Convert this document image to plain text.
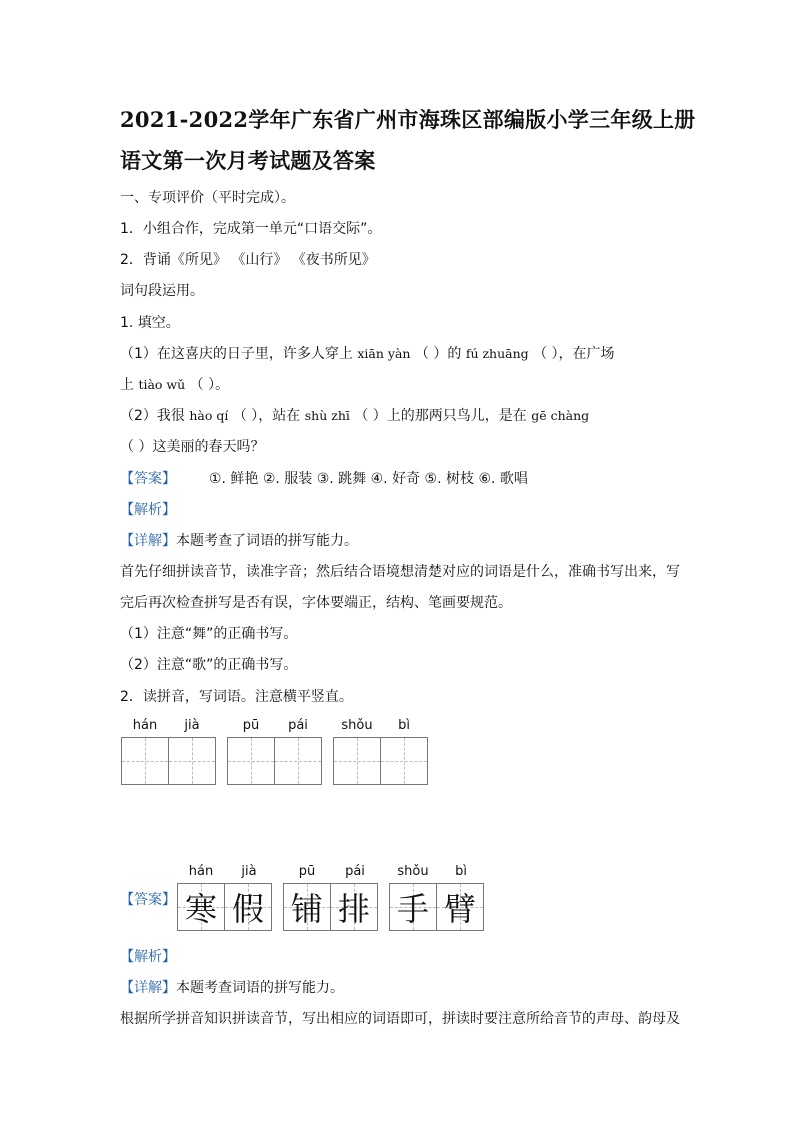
2021-2022学年广东省广州市海珠区部编版小学三年级上册
语文第一次月考试题及答案
一、专项评价（平时完成）。
1．小组合作，完成第一单元“口语交际”。
2．背诵《所见》 《山行》 《夜书所见》
词句段运用。
1. 填空。
（1）在这喜庆的日子里，许多人穿上 xiān yàn （ ）的 fú zhuāng （ ），在广场
上 tiào wǔ （ ）。
（2）我很 hào qí （ ），站在 shù zhī （ ）上的那两只鸟儿，是在 gē chàng
（ ）这美丽的春天吗？
【答案】 ①. 鲜艳 ②. 服装 ③. 跳舞 ④. 好奇 ⑤. 树枝 ⑥. 歌唱
【解析】
【详解】本题考查了词语的拼写能力。
首先仔细拼读音节，读准字音；然后结合语境想清楚对应的词语是什么，准确书写出来，写
完后再次检查拼写是否有误，字体要端正，结构、笔画要规范。
（1）注意“舞”的正确书写。
（2）注意“歌”的正确书写。
2．读拼音，写词语。注意横平竖直。
hán	jià	pū	pái	shǒu	bì
【答案】
hán	jià	pū	pái	shǒu	bì
寒 假 铺 排 手 臂
【解析】
【详解】本题考查词语的拼写能力。
根据所学拼音知识拼读音节，写出相应的词语即可，拼读时要注意所给音节的声母、韵母及
